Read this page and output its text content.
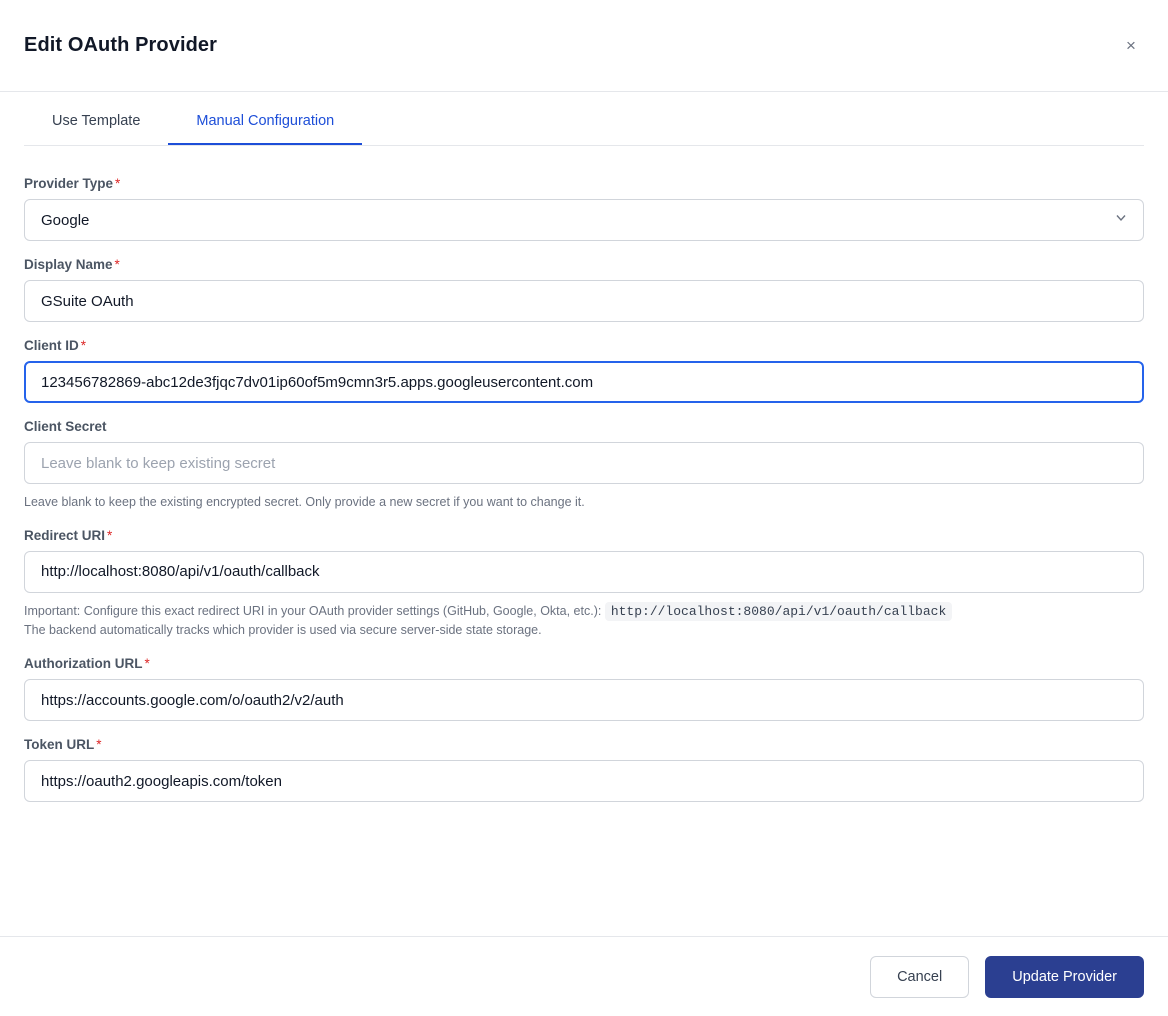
Edit OAuth Provider	×
Use Template	Manual Configuration
Provider Type *
Google
Display Name *
GSuite OAuth
Client ID *
123456782869-abc12de3fjqc7dv01ip60of5m9cmn3r5.apps.googleusercontent.com
Client Secret
Leave blank to keep existing secret
Leave blank to keep the existing encrypted secret. Only provide a new secret if you want to change it.
Redirect URI *
http://localhost:8080/api/v1/oauth/callback
Important: Configure this exact redirect URI in your OAuth provider settings (GitHub, Google, Okta, etc.): http://localhost:8080/api/v1/oauth/callback
The backend automatically tracks which provider is used via secure server-side state storage.
Authorization URL *
https://accounts.google.com/o/oauth2/v2/auth
Token URL *
https://oauth2.googleapis.com/token
Cancel	Update Provider
